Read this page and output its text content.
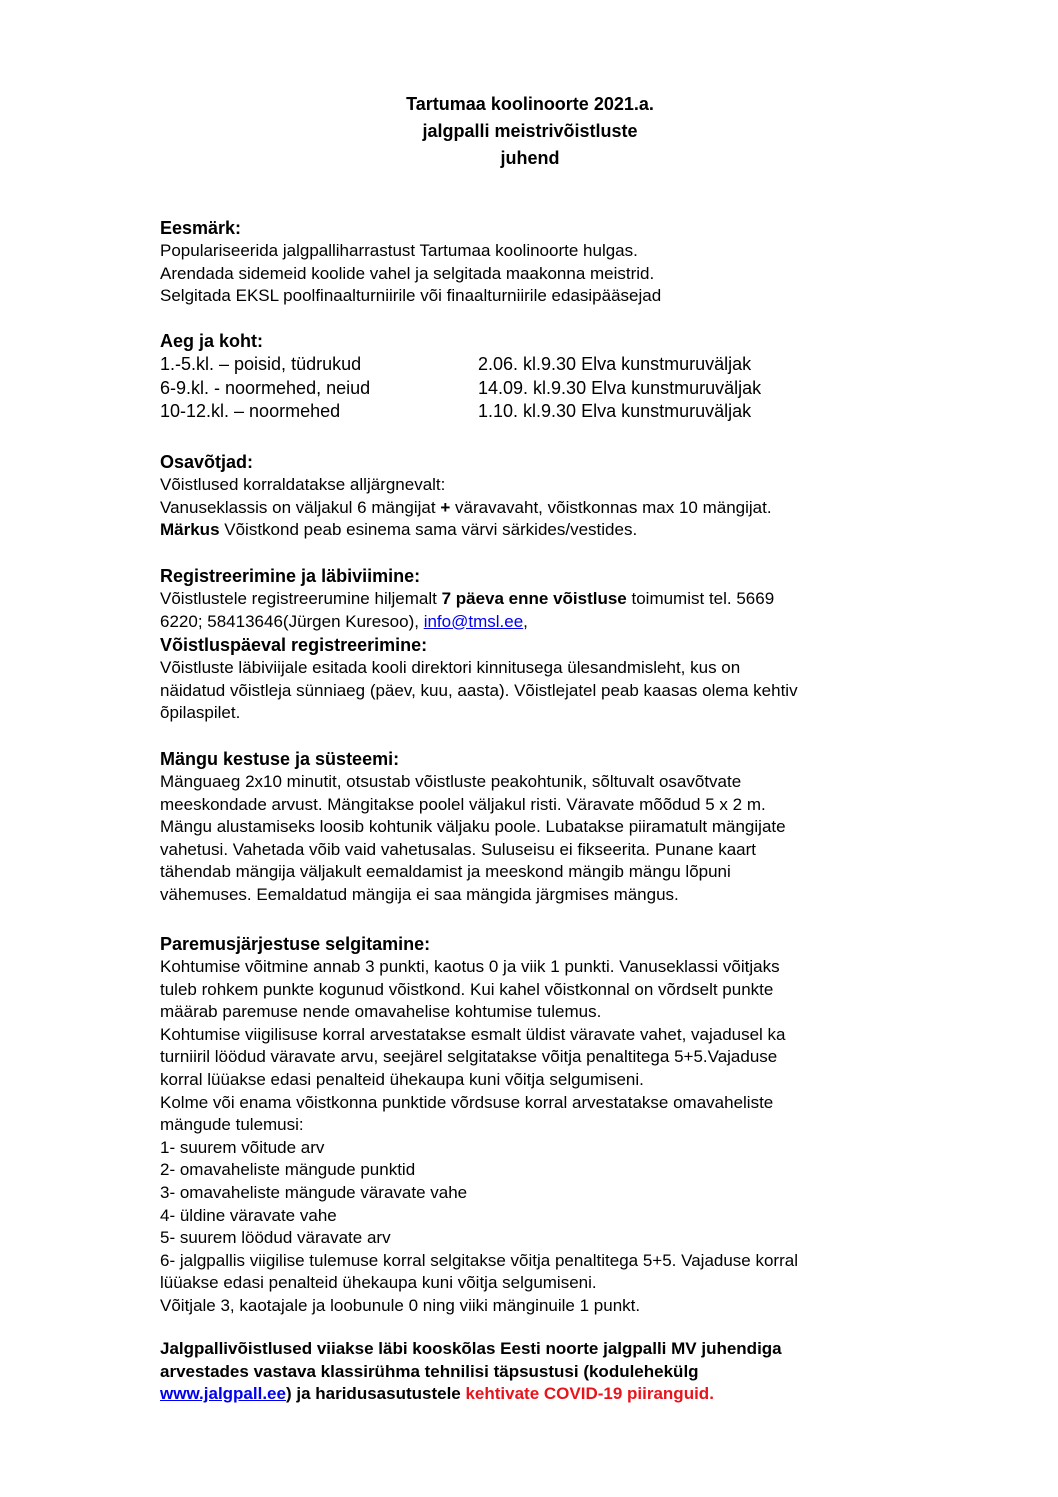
Tartumaa koolinoorte 2021.a.
jalgpalli meistrivõistluste
juhend
Eesmärk:
Populariseerida jalgpalliharrastust Tartumaa koolinoorte hulgas.
Arendada sidemeid koolide vahel ja selgitada maakonna meistrid.
Selgitada EKSL poolfinaalturniirile või finaalturniirile edasipääsejad
Aeg ja koht:
1.-5.kl. – poisid, tüdrukud	2.06. kl.9.30 Elva kunstmuruväljak
6-9.kl. - noormehed, neiud	14.09. kl.9.30 Elva kunstmuruväljak
10-12.kl. – noormehed	1.10. kl.9.30 Elva kunstmuruväljak
Osavõtjad:
Võistlused korraldatakse alljärgnevalt:
Vanuseklassis on väljakul 6 mängijat + väravavaht, võistkonnas max 10 mängijat.
Märkus Võistkond peab esinema sama värvi särkides/vestides.
Registreerimine ja läbiviimine:
Võistlustele registreerumine hiljemalt 7 päeva enne võistluse toimumist tel. 5669
6220; 58413646(Jürgen Kuresoo), info@tmsl.ee,
Võistluspäeval registreerimine:
Võistluste läbiviijale esitada kooli direktori kinnitusega ülesandmisleht, kus on
näidatud võistleja sünniaeg (päev, kuu, aasta). Võistlejatel peab kaasas olema kehtiv
õpilaspilet.
Mängu kestuse ja süsteemi:
Mänguaeg 2x10 minutit, otsustab võistluste peakohtunik, sõltuvalt osavõtvate
meeskondade arvust. Mängitakse poolel väljakul risti. Väravate mõõdud 5 x 2 m.
Mängu alustamiseks loosib kohtunik väljaku poole. Lubatakse piiramatult mängijate
vahetusi. Vahetada võib vaid vahetusalas. Suluseisu ei fikseerita. Punane kaart
tähendab mängija väljakult eemaldamist ja meeskond mängib mängu lõpuni
vähemuses. Eemaldatud mängija ei saa mängida järgmises mängus.
Paremusjärjestuse selgitamine:
Kohtumise võitmine annab 3 punkti, kaotus 0 ja viik 1 punkti. Vanuseklassi võitjaks
tuleb rohkem punkte kogunud võistkond. Kui kahel võistkonnal on võrdselt punkte
määrab paremuse nende omavahelise kohtumise tulemus.
Kohtumise viigilisuse korral arvestatakse esmalt üldist väravate vahet, vajadusel ka
turniiril löödud väravate arvu, seejärel selgitatakse võitja penaltitega 5+5.Vajaduse
korral lüüakse edasi penalteid ühekaupa kuni võitja selgumiseni.
Kolme või enama võistkonna punktide võrdsuse korral arvestatakse omavaheliste
mängude tulemusi:
1- suurem võitude arv
2- omavaheliste mängude punktid
3- omavaheliste mängude väravate vahe
4- üldine väravate vahe
5- suurem löödud väravate arv
6- jalgpallis viigilise tulemuse korral selgitakse võitja penaltitega 5+5. Vajaduse korral
lüüakse edasi penalteid ühekaupa kuni võitja selgumiseni.
Võitjale 3, kaotajale ja loobunule 0 ning viiki mänginuile 1 punkt.
Jalgpallivõistlused viiakse läbi kooskõlas Eesti noorte jalgpalli MV juhendiga
arvestades vastava klassirühma tehnilisi täpsustusi (kodulehekülg
www.jalgpall.ee) ja haridusasutustele kehtivate COVID-19 piiranguid.
